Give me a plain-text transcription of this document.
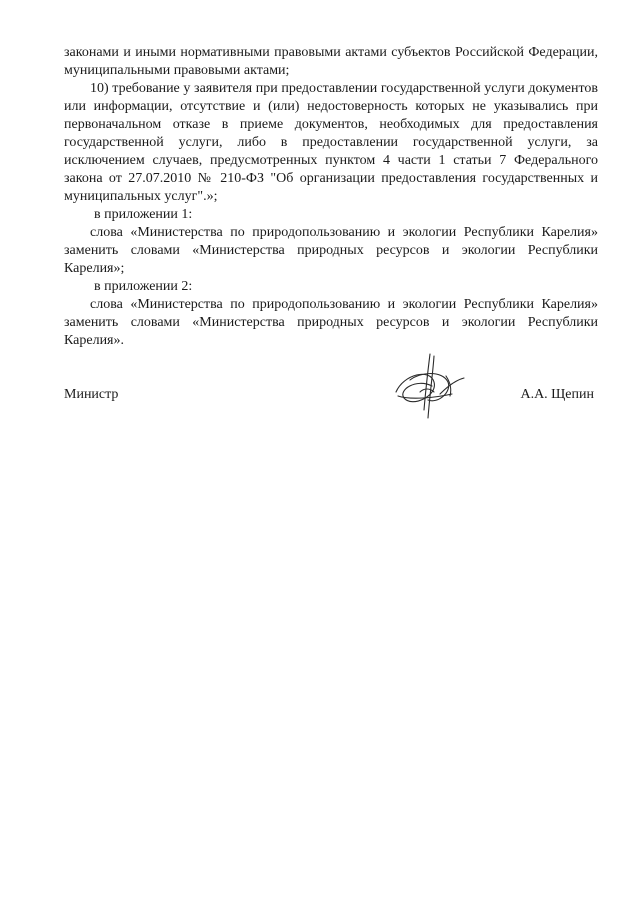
законами и иными нормативными правовыми актами субъектов Российской Федерации, муниципальными правовыми актами;

10) требование у заявителя при предоставлении государственной услуги документов или информации, отсутствие и (или) недостоверность которых не указывались при первоначальном отказе в приеме документов, необходимых для предоставления государственной услуги, либо в предоставлении государственной услуги, за исключением случаев, предусмотренных пунктом 4 части 1 статьи 7 Федерального закона от 27.07.2010 № 210-ФЗ "Об организации предоставления государственных и муниципальных услуг".»;

в приложении 1:

слова «Министерства по природопользованию и экологии Республики Карелия» заменить словами «Министерства природных ресурсов и экологии Республики Карелия»;

в приложении 2:

слова «Министерства по природопользованию и экологии Республики Карелия» заменить словами «Министерства природных ресурсов и экологии Республики Карелия».

Министр	А.А. Щепин
